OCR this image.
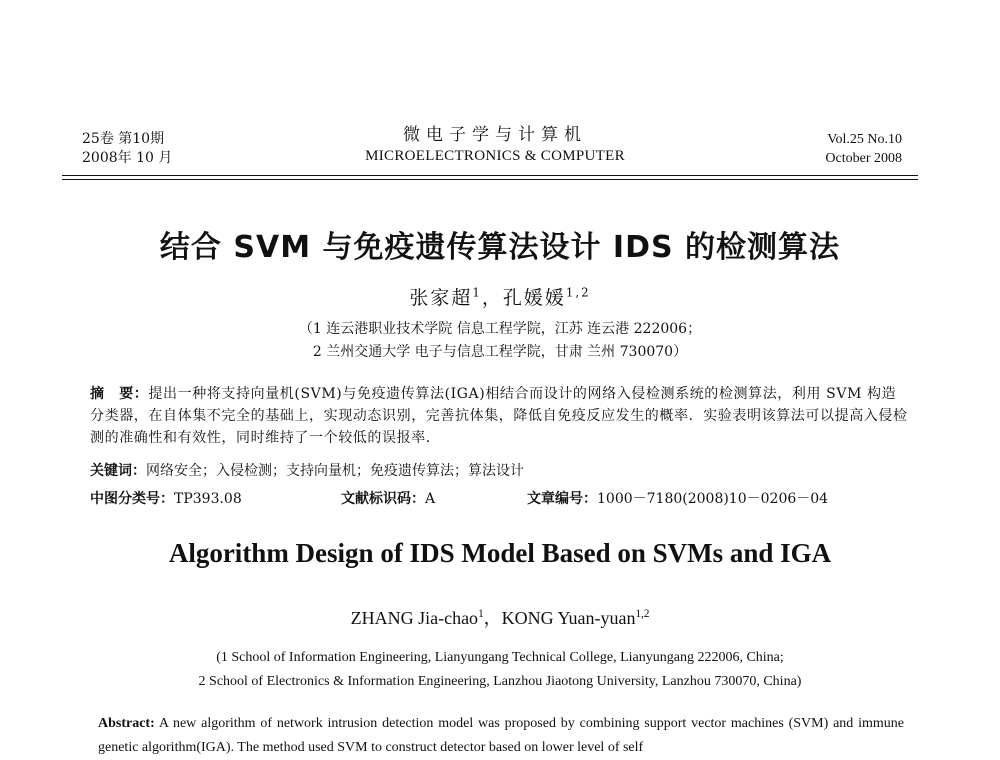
25卷 第10期
2008年 10 月
微电子学与计算机
MICROELECTRONICS & COMPUTER
Vol.25 No.10
October 2008
结合 SVM 与免疫遗传算法设计 IDS 的检测算法
张家超$^1$，孔媛媛$^{1,2}$
（1 连云港职业技术学院 信息工程学院，江苏 连云港 222006；
2 兰州交通大学 电子与信息工程学院，甘肃 兰州 730070）
摘　要：提出一种将支持向量机(SVM)与免疫遗传算法(IGA)相结合而设计的网络入侵检测系统的检测算法，利用 SVM 构造分类器，在自体集不完全的基础上，实现动态识别，完善抗体集，降低自免疫反应发生的概率．实验表明该算法可以提高入侵检测的准确性和有效性，同时维持了一个较低的误报率．
关键词：网络安全；入侵检测；支持向量机；免疫遗传算法；算法设计
中图分类号：TP393.08	文献标识码：A	文章编号：1000－7180(2008)10－0206－04
Algorithm Design of IDS Model Based on SVMs and IGA
ZHANG Jia-chao$^1$，KONG Yuan-yuan$^{1,2}$
(1 School of Information Engineering, Lianyungang Technical College, Lianyungang 222006, China;
2 School of Electronics & Information Engineering, Lanzhou Jiaotong University, Lanzhou 730070, China)
Abstract: A new algorithm of network intrusion detection model was proposed by combining support vector machines (SVM) and immune genetic algorithm(IGA). The method used SVM to construct detector based on lower level of self
